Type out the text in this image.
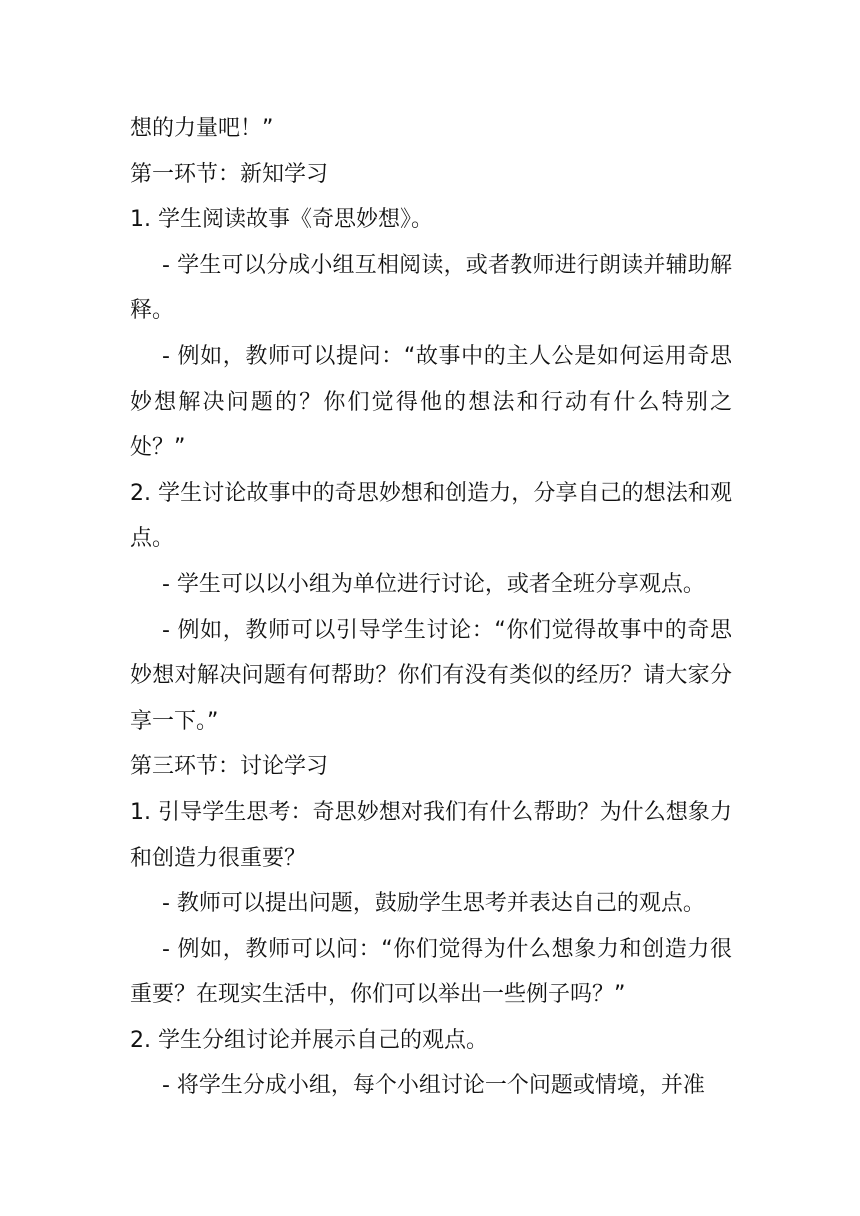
想的力量吧！”

第一环节：新知学习

1. 学生阅读故事《奇思妙想》。

- 学生可以分成小组互相阅读，或者教师进行朗读并辅助解释。

- 例如，教师可以提问：“故事中的主人公是如何运用奇思妙想解决问题的？你们觉得他的想法和行动有什么特别之处？”

2. 学生讨论故事中的奇思妙想和创造力，分享自己的想法和观点。

- 学生可以以小组为单位进行讨论，或者全班分享观点。

- 例如，教师可以引导学生讨论：“你们觉得故事中的奇思妙想对解决问题有何帮助？你们有没有类似的经历？请大家分享一下。”

第三环节：讨论学习

1. 引导学生思考：奇思妙想对我们有什么帮助？为什么想象力和创造力很重要？

- 教师可以提出问题，鼓励学生思考并表达自己的观点。

- 例如，教师可以问：“你们觉得为什么想象力和创造力很重要？在现实生活中，你们可以举出一些例子吗？”

2. 学生分组讨论并展示自己的观点。

- 将学生分成小组，每个小组讨论一个问题或情境，并准
